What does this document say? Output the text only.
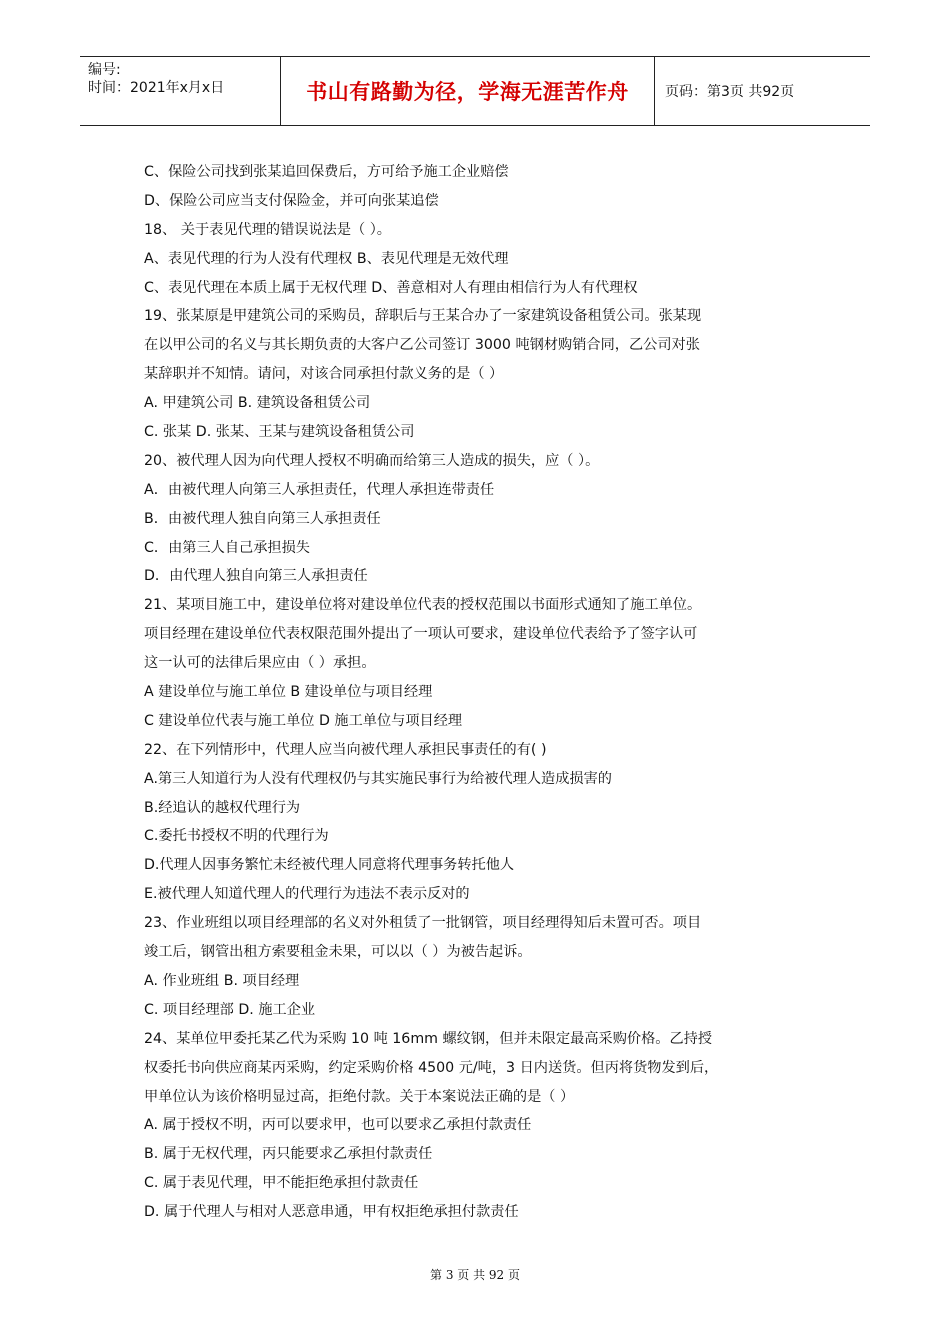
编号:
时间：2021年x月x日	书山有路勤为径，学海无涯苦作舟	页码：第3页 共92页
C、保险公司找到张某追回保费后，方可给予施工企业赔偿
D、保险公司应当支付保险金，并可向张某追偿
18、 关于表见代理的错误说法是（ ）。
A、表见代理的行为人没有代理权 B、表见代理是无效代理
C、表见代理在本质上属于无权代理 D、善意相对人有理由相信行为人有代理权
19、张某原是甲建筑公司的采购员，辞职后与王某合办了一家建筑设备租赁公司。张某现
在以甲公司的名义与其长期负责的大客户乙公司签订 3000 吨钢材购销合同，乙公司对张
某辞职并不知情。请问，对该合同承担付款义务的是（ ）
A. 甲建筑公司 B. 建筑设备租赁公司
C. 张某 D. 张某、王某与建筑设备租赁公司
20、被代理人因为向代理人授权不明确而给第三人造成的损失，应（ ）。
A．由被代理人向第三人承担责任，代理人承担连带责任
B．由被代理人独自向第三人承担责任
C．由第三人自己承担损失
D．由代理人独自向第三人承担责任
21、某项目施工中，建设单位将对建设单位代表的授权范围以书面形式通知了施工单位。
项目经理在建设单位代表权限范围外提出了一项认可要求，建设单位代表给予了签字认可
这一认可的法律后果应由（ ）承担。
A 建设单位与施工单位 B 建设单位与项目经理
C 建设单位代表与施工单位 D 施工单位与项目经理
22、在下列情形中，代理人应当向被代理人承担民事责任的有( )
A.第三人知道行为人没有代理权仍与其实施民事行为给被代理人造成损害的
B.经追认的越权代理行为
C.委托书授权不明的代理行为
D.代理人因事务繁忙未经被代理人同意将代理事务转托他人
E.被代理人知道代理人的代理行为违法不表示反对的
23、作业班组以项目经理部的名义对外租赁了一批钢管，项目经理得知后未置可否。项目
竣工后，钢管出租方索要租金未果，可以以（ ）为被告起诉。
A. 作业班组 B. 项目经理
C. 项目经理部 D. 施工企业
24、某单位甲委托某乙代为采购 10 吨 16mm 螺纹钢，但并未限定最高采购价格。乙持授
权委托书向供应商某丙采购，约定采购价格 4500 元/吨，3 日内送货。但丙将货物发到后，
甲单位认为该价格明显过高，拒绝付款。关于本案说法正确的是（ ）
A. 属于授权不明，丙可以要求甲，也可以要求乙承担付款责任
B. 属于无权代理，丙只能要求乙承担付款责任
C. 属于表见代理，甲不能拒绝承担付款责任
D. 属于代理人与相对人恶意串通，甲有权拒绝承担付款责任
第 3 页 共 92 页
